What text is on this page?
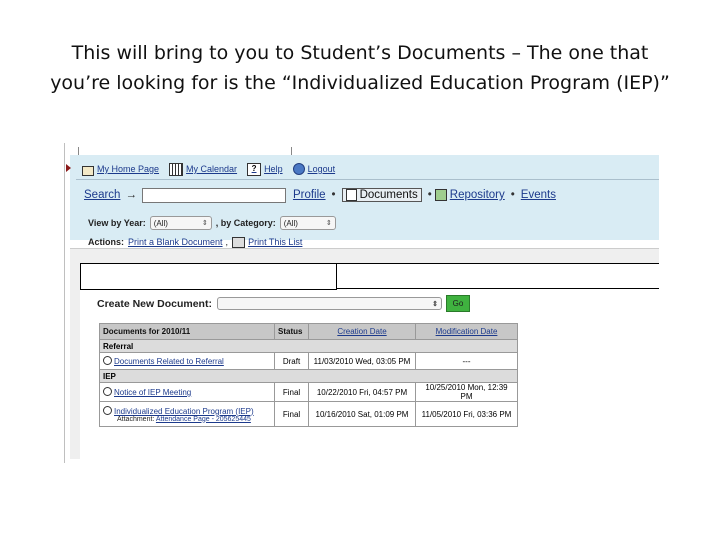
This will bring to you to Student’s Documents – The one that
you’re looking for is the “Individualized Education Program (IEP)”
My Home Page	My Calendar	? Help	Logout
Search →	Profile • Documents • Repository • Events
View by Year: (All)	⇕ , by Category: (All)	⇕
Actions: Print a Blank Document , Print This List
Create New Document:	⇕	Go
Documents for 2010/11	Status	Creation Date	Modification Date
Referral			
Documents Related to Referral	Draft	11/03/2010 Wed, 03:05 PM	---
IEP			
Notice of IEP Meeting	Final	10/22/2010 Fri, 04:57 PM	10/25/2010 Mon, 12:39 PM
Individualized Education Program (IEP)
Attachment: Attendance Page - 205625445	Final	10/16/2010 Sat, 01:09 PM	11/05/2010 Fri, 03:36 PM
